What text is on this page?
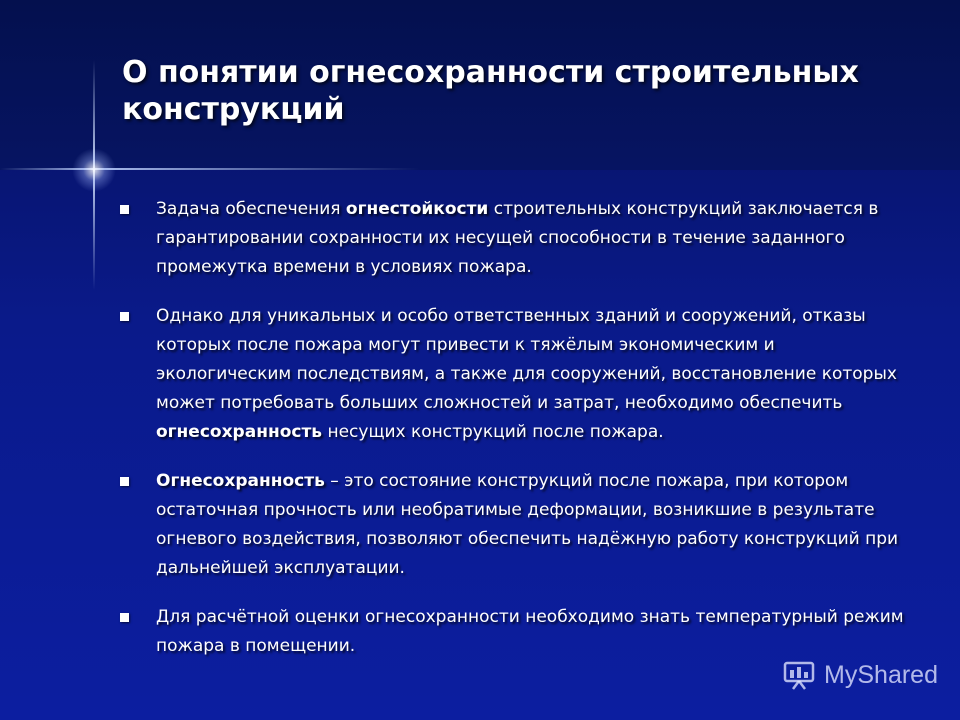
О понятии огнесохранности строительных конструкций
Задача обеспечения огнестойкости строительных конструкций заключается в гарантировании сохранности их несущей способности в течение заданного промежутка времени в условиях пожара.
Однако для уникальных и особо ответственных зданий и сооружений, отказы которых после пожара могут привести к тяжёлым экономическим и экологическим последствиям, а также для сооружений, восстановление которых может потребовать больших сложностей и затрат, необходимо обеспечить огнесохранность несущих конструкций после пожара.
Огнесохранность – это состояние конструкций после пожара, при котором остаточная прочность или необратимые деформации, возникшие в результате огневого воздействия, позволяют обеспечить надёжную работу конструкций при дальнейшей эксплуатации.
Для расчётной оценки огнесохранности необходимо знать температурный режим пожара в помещении.
MyShared
